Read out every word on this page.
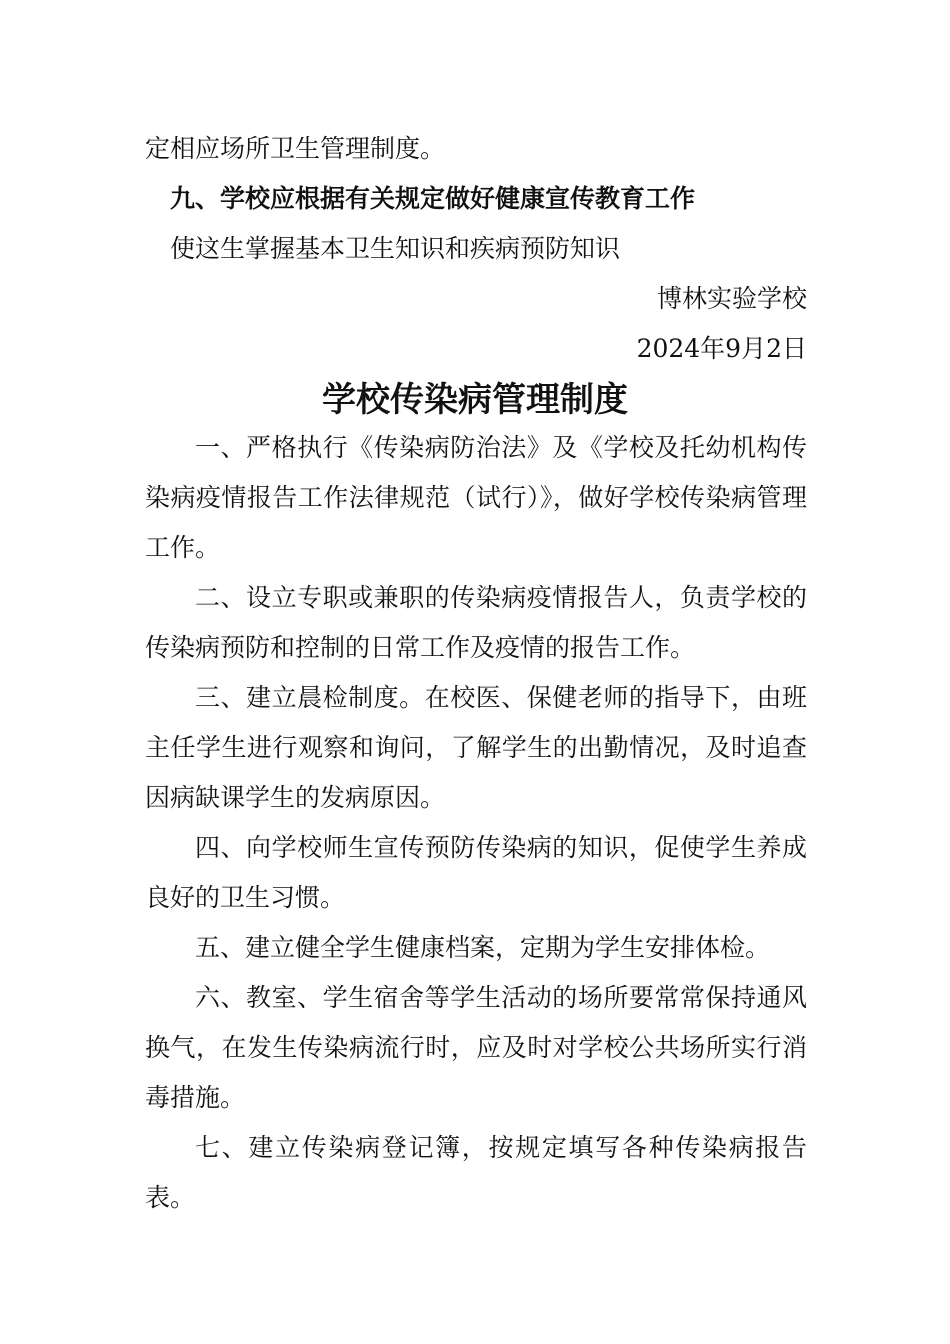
定相应场所卫生管理制度。
九、学校应根据有关规定做好健康宣传教育工作
使这生掌握基本卫生知识和疾病预防知识
博林实验学校
2024年9月2日
学校传染病管理制度

一、严格执行《传染病防治法》及《学校及托幼机构传染病疫情报告工作法律规范（试行）》，做好学校传染病管理工作。

二、设立专职或兼职的传染病疫情报告人，负责学校的传染病预防和控制的日常工作及疫情的报告工作。

三、建立晨检制度。在校医、保健老师的指导下，由班主任学生进行观察和询问，了解学生的出勤情况，及时追查因病缺课学生的发病原因。

四、向学校师生宣传预防传染病的知识，促使学生养成良好的卫生习惯。

五、建立健全学生健康档案，定期为学生安排体检。

六、教室、学生宿舍等学生活动的场所要常常保持通风换气，在发生传染病流行时，应及时对学校公共场所实行消毒措施。

七、建立传染病登记簿，按规定填写各种传染病报告表。
